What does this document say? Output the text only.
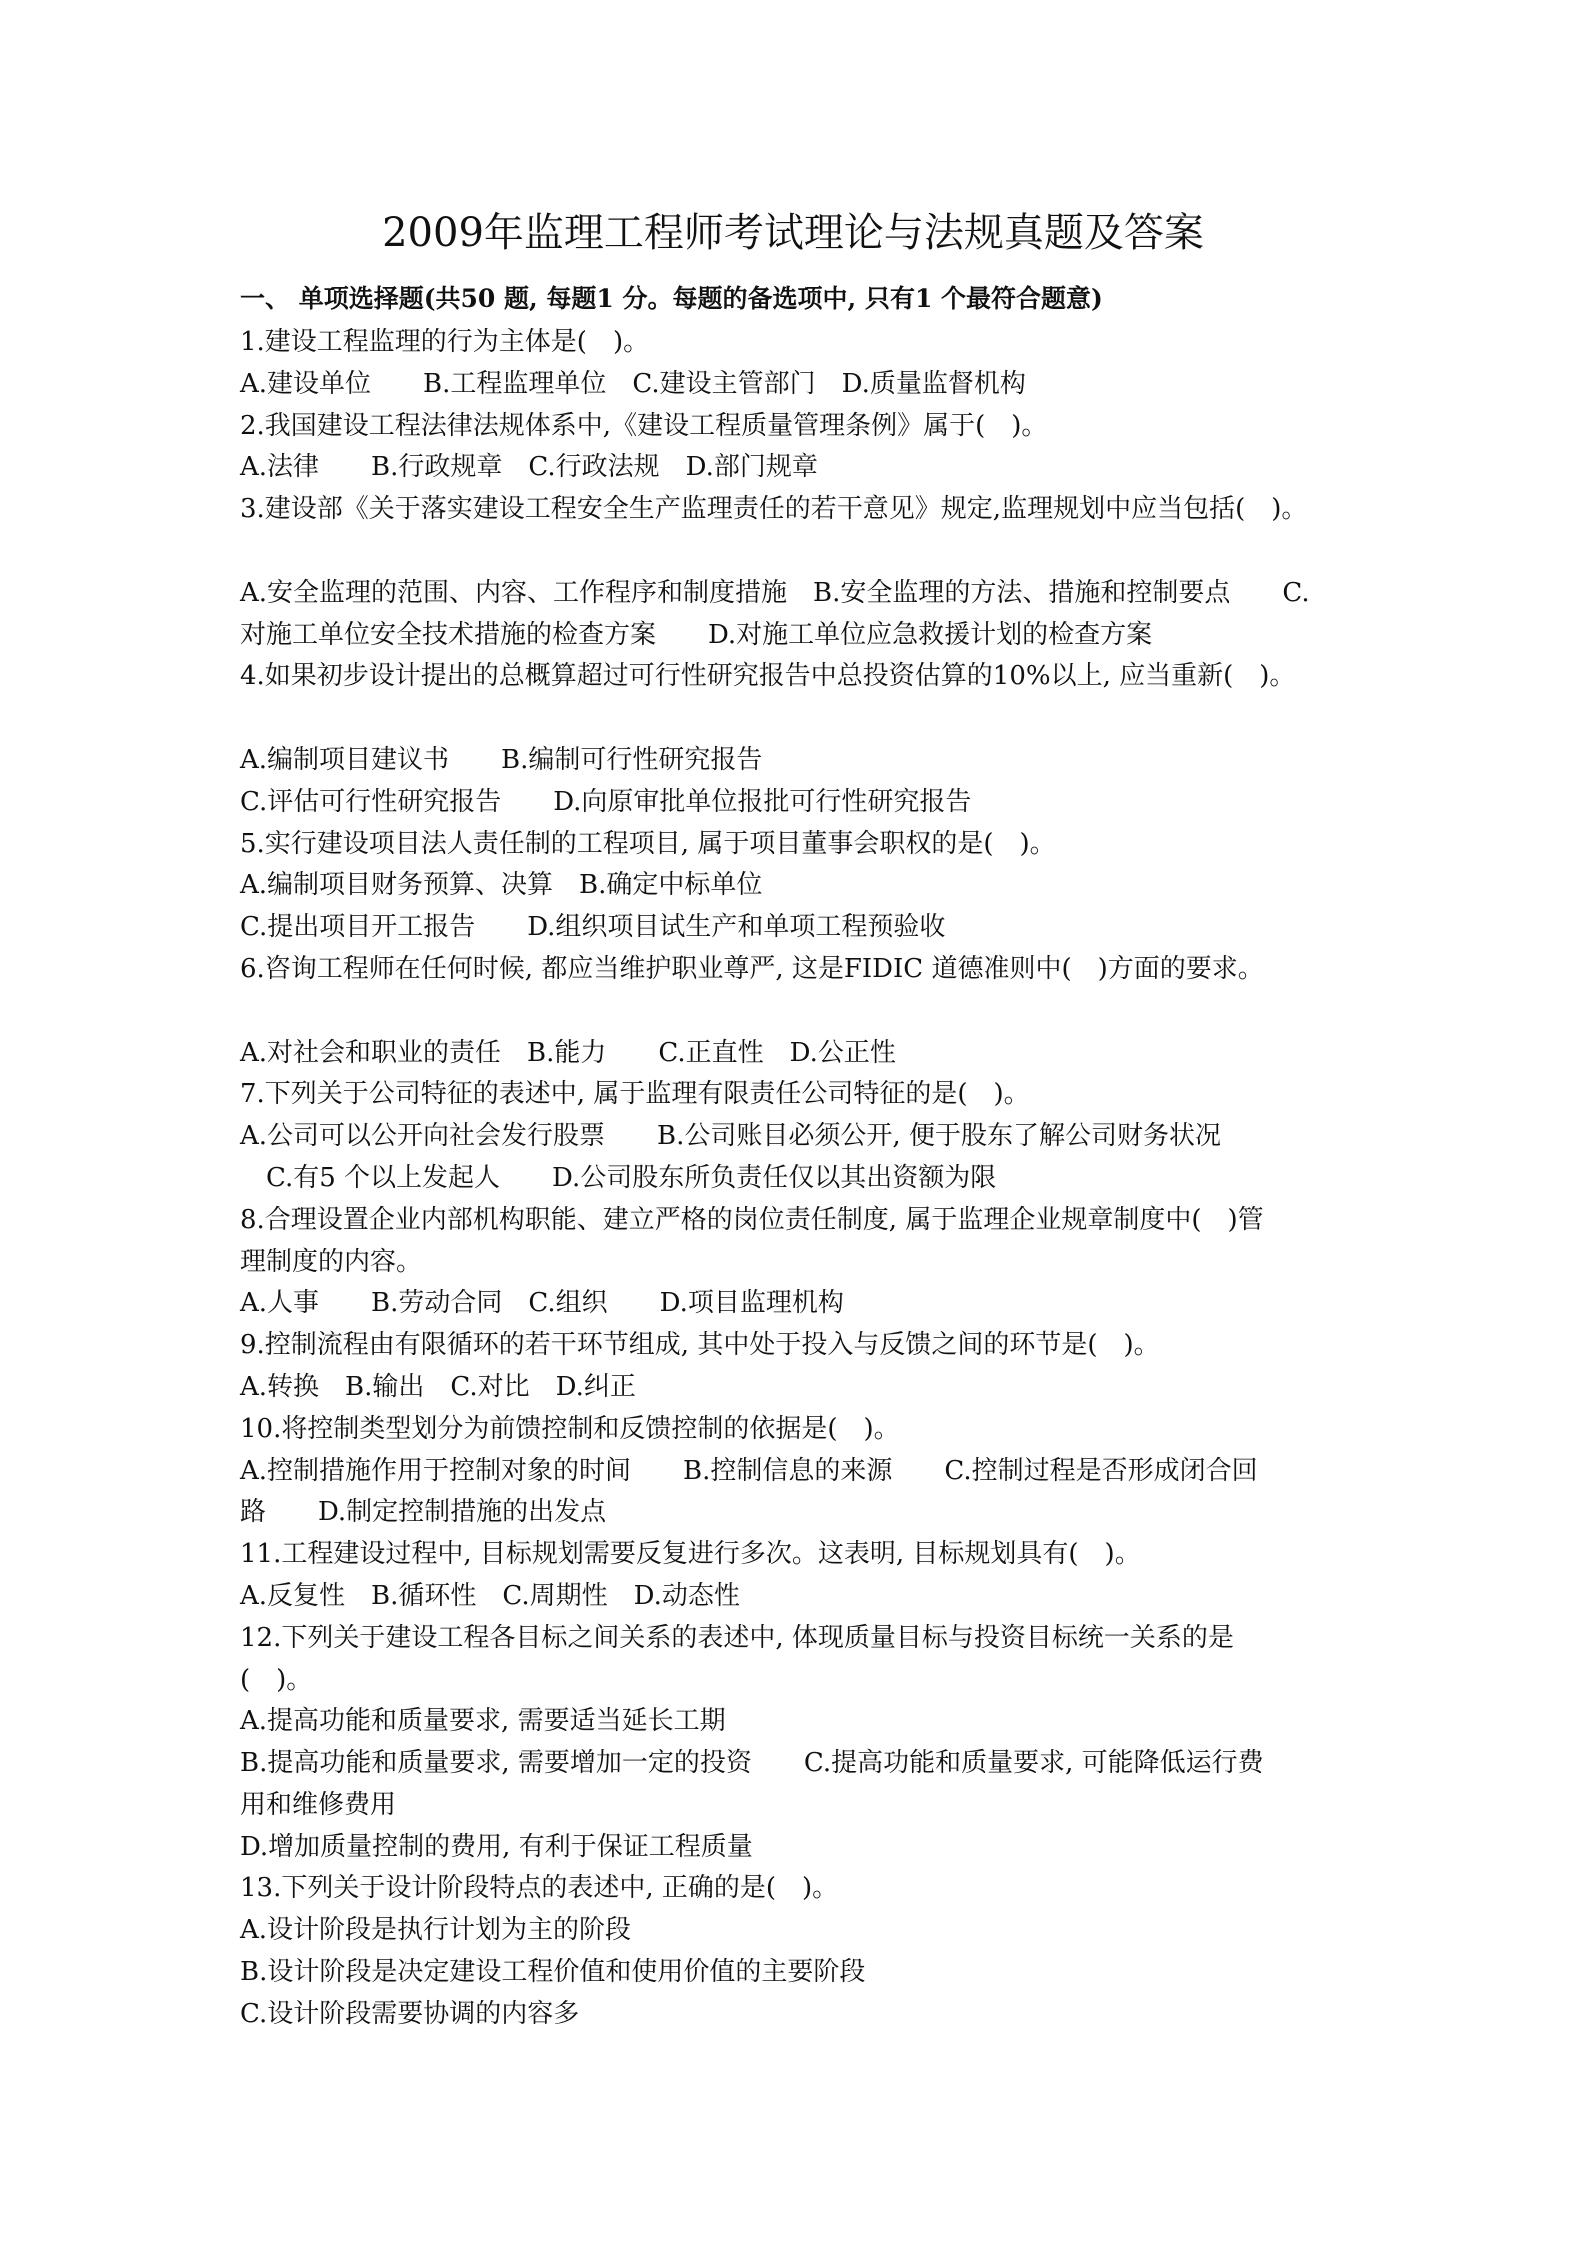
2009年监理工程师考试理论与法规真题及答案
一、 单项选择题(共50 题, 每题1 分。每题的备选项中, 只有1 个最符合题意)
1.建设工程监理的行为主体是(　)。
A.建设单位　　B.工程监理单位　C.建设主管部门　D.质量监督机构
2.我国建设工程法律法规体系中,《建设工程质量管理条例》属于(　)。
A.法律　　B.行政规章　C.行政法规　D.部门规章
3.建设部《关于落实建设工程安全生产监理责任的若干意见》规定,监理规划中应当包括(　)。
A.安全监理的范围、内容、工作程序和制度措施　B.安全监理的方法、措施和控制要点　　C.
对施工单位安全技术措施的检查方案　　D.对施工单位应急救援计划的检查方案
4.如果初步设计提出的总概算超过可行性研究报告中总投资估算的10%以上, 应当重新(　)。
A.编制项目建议书　　B.编制可行性研究报告
C.评估可行性研究报告　　D.向原审批单位报批可行性研究报告
5.实行建设项目法人责任制的工程项目, 属于项目董事会职权的是(　)。
A.编制项目财务预算、决算　B.确定中标单位
C.提出项目开工报告　　D.组织项目试生产和单项工程预验收
6.咨询工程师在任何时候, 都应当维护职业尊严, 这是FIDIC 道德准则中(　)方面的要求。
A.对社会和职业的责任　B.能力　　C.正直性　D.公正性
7.下列关于公司特征的表述中, 属于监理有限责任公司特征的是(　)。
A.公司可以公开向社会发行股票　　B.公司账目必须公开, 便于股东了解公司财务状况
　C.有5 个以上发起人　　D.公司股东所负责任仅以其出资额为限
8.合理设置企业内部机构职能、建立严格的岗位责任制度, 属于监理企业规章制度中(　)管
理制度的内容。
A.人事　　B.劳动合同　C.组织　　D.项目监理机构
9.控制流程由有限循环的若干环节组成, 其中处于投入与反馈之间的环节是(　)。
A.转换　B.输出　C.对比　D.纠正
10.将控制类型划分为前馈控制和反馈控制的依据是(　)。
A.控制措施作用于控制对象的时间　　B.控制信息的来源　　C.控制过程是否形成闭合回
路　　D.制定控制措施的出发点
11.工程建设过程中, 目标规划需要反复进行多次。这表明, 目标规划具有(　)。
A.反复性　B.循环性　C.周期性　D.动态性
12.下列关于建设工程各目标之间关系的表述中, 体现质量目标与投资目标统一关系的是
(　)。
A.提高功能和质量要求, 需要适当延长工期
B.提高功能和质量要求, 需要增加一定的投资　　C.提高功能和质量要求, 可能降低运行费
用和维修费用
D.增加质量控制的费用, 有利于保证工程质量
13.下列关于设计阶段特点的表述中, 正确的是(　)。
A.设计阶段是执行计划为主的阶段
B.设计阶段是决定建设工程价值和使用价值的主要阶段
C.设计阶段需要协调的内容多
